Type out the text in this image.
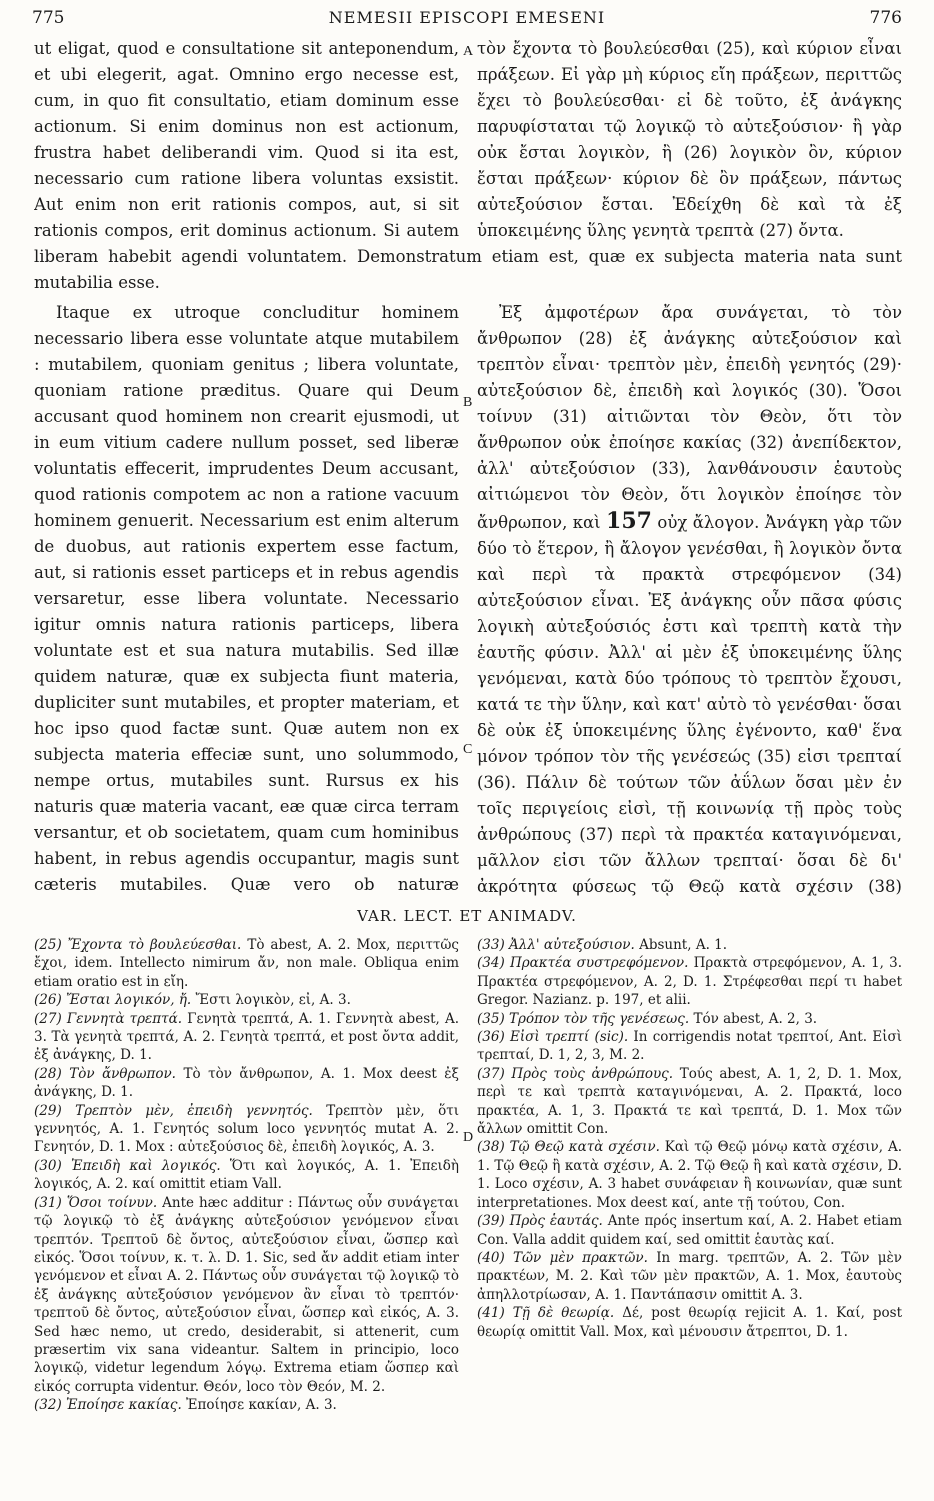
775	NEMESII EPISCOPI EMESENI	776

ut eligat, quod e consultatione sit anteponendum, et ubi elegerit, agat. Omnino ergo necesse est, cum, in quo fit consultatio, etiam dominum esse actionum. Si enim dominus non est actionum, frustra habet deliberandi vim. Quod si ita est, necessario cum ratione libera voluntas exsistit. Aut enim non erit rationis compos, aut, si sit rationis compos, erit dominus actionum. Si autem

A τὸν ἔχοντα τὸ βουλεύεσθαι (25), καὶ κύριον εἶναι πράξεων. Εἰ γὰρ μὴ κύριος εἴη πράξεων, περιττῶς ἔχει τὸ βουλεύεσθαι· εἰ δὲ τοῦτο, ἐξ ἀνάγκης παρυφίσταται τῷ λογικῷ τὸ αὐτεξούσιον· ἢ γὰρ οὐκ ἔσται λογικὸν, ἢ (26) λογικὸν ὂν, κύριον ἔσται πράξεων· κύριον δὲ ὂν πράξεων, πάντως αὐτεξούσιον ἔσται. Ἐδείχθη δὲ καὶ τὰ ἐξ ὑποκειμένης ὕλης γενητὰ τρεπτὰ (27) ὄντα.

liberam habebit agendi voluntatem. Demonstratum etiam est, quæ ex subjecta materia nata sunt mutabilia esse.

Itaque ex utroque concluditur hominem necessario libera esse voluntate atque mutabilem : mutabilem, quoniam genitus ; libera voluntate, quoniam ratione præditus. Quare qui Deum accusant quod hominem non crearit ejusmodi, ut in eum vitium cadere nullum posset, sed liberæ voluntatis effecerit, imprudentes Deum accusant, quod rationis compotem ac non a ratione vacuum hominem genuerit. Necessarium est enim alterum de duobus, aut rationis expertem esse factum, aut, si rationis esset particeps et in rebus agendis versaretur, esse libera voluntate. Necessario igitur omnis natura rationis particeps, libera voluntate est et sua natura mutabilis. Sed illæ quidem naturæ, quæ ex subjecta fiunt materia, dupliciter sunt mutabiles, et propter materiam, et hoc ipso quod factæ sunt. Quæ autem non ex subjecta materia effeciæ sunt, uno solummodo, nempe ortus, mutabiles sunt. Rursus ex his naturis quæ materia vacant, eæ quæ circa terram versantur, et ob societatem, quam cum hominibus habent, in rebus agendis occupantur, magis sunt cæteris mutabiles. Quæ vero ob naturæ

B
C

Ἐξ ἀμφοτέρων ἄρα συνάγεται, τὸ τὸν ἄνθρωπον (28) ἐξ ἀνάγκης αὐτεξούσιον καὶ τρεπτὸν εἶναι· τρεπτὸν μὲν, ἐπειδὴ γενητός (29)· αὐτεξούσιον δὲ, ἐπειδὴ καὶ λογικός (30). Ὅσοι τοίνυν (31) αἰτιῶνται τὸν Θεὸν, ὅτι τὸν ἄνθρωπον οὐκ ἐποίησε κακίας (32) ἀνεπίδεκτον, ἀλλ' αὐτεξούσιον (33), λανθάνουσιν ἑαυτοὺς αἰτιώμενοι τὸν Θεὸν, ὅτι λογικὸν ἐποίησε τὸν ἄνθρωπον, καὶ 157 οὐχ ἄλογον. Ἀνάγκη γὰρ τῶν δύο τὸ ἕτερον, ἢ ἄλογον γενέσθαι, ἢ λογικὸν ὄντα καὶ περὶ τὰ πρακτὰ στρεφόμενον (34) αὐτεξούσιον εἶναι. Ἐξ ἀνάγκης οὖν πᾶσα φύσις λογικὴ αὐτεξούσιός ἐστι καὶ τρεπτὴ κατὰ τὴν ἑαυτῆς φύσιν. Ἀλλ' αἱ μὲν ἐξ ὑποκειμένης ὕλης γενόμεναι, κατὰ δύο τρόπους τὸ τρεπτὸν ἔχουσι, κατά τε τὴν ὕλην, καὶ κατ' αὐτὸ τὸ γενέσθαι· ὅσαι δὲ οὐκ ἐξ ὑποκειμένης ὕλης ἐγένοντο, καθ' ἕνα μόνον τρόπον τὸν τῆς γενέσεώς (35) εἰσι τρεπταί (36). Πάλιν δὲ τούτων τῶν ἀΰλων ὅσαι μὲν ἐν τοῖς περιγείοις εἰσὶ, τῇ κοινωνίᾳ τῇ πρὸς τοὺς ἀνθρώπους (37) περὶ τὰ πρακτέα καταγινόμεναι, μᾶλλον εἰσι τῶν ἄλλων τρεπταί· ὅσαι δὲ δι' ἀκρότητα φύσεως τῷ Θεῷ κατὰ σχέσιν (38)

VAR. LECT. ET ANIMADV.

(25) Ἔχοντα τὸ βουλεύεσθαι. Τὸ abest, A. 2. Mox, περιττῶς ἔχοι, idem. Intellecto nimirum ἄν, non male. Obliqua enim etiam oratio est in εἴη.

(26) Ἔσται λογικόν, ἤ. Ἔστι λογικὸν, εἰ, A. 3.

(27) Γεννητὰ τρεπτά. Γενητὰ τρεπτά, A. 1. Γεννητὰ abest, A. 3. Τὰ γενητὰ τρεπτά, A. 2. Γενητὰ τρεπτά, et post ὄντα addit, ἐξ ἀνάγκης, D. 1.

(28) Τὸν ἄνθρωπον. Τὸ τὸν ἄνθρωπον, A. 1. Mox deest ἐξ ἀνάγκης, D. 1.

(29) Τρεπτὸν μὲν, ἐπειδὴ γεννητός. Τρεπτὸν μὲν, ὅτι γεννητός, A. 1. Γενητός solum loco γεννητός mutat A. 2. Γενητόν, D. 1. Mox : αὐτεξούσιος δὲ, ἐπειδὴ λογικός, A. 3.

(30) Ἐπειδὴ καὶ λογικός. Ὅτι καὶ λογικός, A. 1. Ἐπειδὴ λογικός, A. 2. καί omittit etiam Vall.

(31) Ὅσοι τοίνυν. Ante hæc additur : Πάντως οὖν συνάγεται τῷ λογικῷ τὸ ἐξ ἀνάγκης αὐτεξούσιον γενόμενον εἶναι τρεπτόν. Τρεπτοῦ δὲ ὄντος, αὐτεξούσιον εἶναι, ὥσπερ καὶ εἰκός. Ὅσοι τοίνυν, κ. τ. λ. D. 1. Sic, sed ἄν addit etiam inter γενόμενον et εἶναι A. 2. Πάντως οὖν συνάγεται τῷ λογικῷ τὸ ἐξ ἀνάγκης αὐτεξούσιον γενόμενον ἂν εἶναι τὸ τρεπτόν· τρεπτοῦ δὲ ὄντος, αὐτεξούσιον εἶναι, ὥσπερ καὶ εἰκός, A. 3. Sed hæc nemo, ut credo, desiderabit, si attenerit, cum præsertim vix sana videantur. Saltem in principio, loco λογικῷ, videtur legendum λόγῳ. Extrema etiam ὥσπερ καὶ εἰκός corrupta videntur. Θεόν, loco τὸν Θεόν, M. 2.

(32) Ἐποίησε κακίας. Ἐποίησε κακίαν, A. 3.

D

(33) Ἀλλ' αὐτεξούσιον. Absunt, A. 1.

(34) Πρακτέα συστρεφόμενον. Πρακτὰ στρεφόμενον, A. 1, 3. Πρακτέα στρεφόμενον, A. 2, D. 1. Στρέφεσθαι περί τι habet Gregor. Nazianz. p. 197, et alii.

(35) Τρόπον τὸν τῆς γενέσεως. Τόν abest, A. 2, 3.

(36) Εἰσὶ τρεπτί (sic). In corrigendis notat τρεπτοί, Ant. Εἰσὶ τρεπταί, D. 1, 2, 3, M. 2.

(37) Πρὸς τοὺς ἀνθρώπους. Τούς abest, A. 1, 2, D. 1. Mox, περὶ τε καὶ τρεπτὰ καταγινόμεναι, A. 2. Πρακτά, loco πρακτέα, A. 1, 3. Πρακτά τε καὶ τρεπτά, D. 1. Mox τῶν ἄλλων omittit Con.

(38) Τῷ Θεῷ κατὰ σχέσιν. Καὶ τῷ Θεῷ μόνῳ κατὰ σχέσιν, A. 1. Τῷ Θεῷ ἢ κατὰ σχέσιν, A. 2. Τῷ Θεῷ ἢ καὶ κατὰ σχέσιν, D. 1. Loco σχέσιν, A. 3 habet συνάφειαν ἢ κοινωνίαν, quæ sunt interpretationes. Mox deest καί, ante τῇ τούτου, Con.

(39) Πρὸς ἑαυτάς. Ante πρός insertum καί, A. 2. Habet etiam Con. Valla addit quidem καί, sed omittit ἑαυτὰς καί.

(40) Τῶν μὲν πρακτῶν. In marg. τρεπτῶν, A. 2. Τῶν μὲν πρακτέων, M. 2. Καὶ τῶν μὲν πρακτῶν, A. 1. Mox, ἑαυτοὺς ἀπηλλοτρίωσαν, A. 1. Παντάπασιν omittit A. 3.

(41) Τῇ δὲ θεωρίᾳ. Δέ, post θεωρίᾳ rejicit A. 1. Καί, post θεωρίᾳ omittit Vall. Mox, καὶ μένουσιν ἄτρεπτοι, D. 1.
